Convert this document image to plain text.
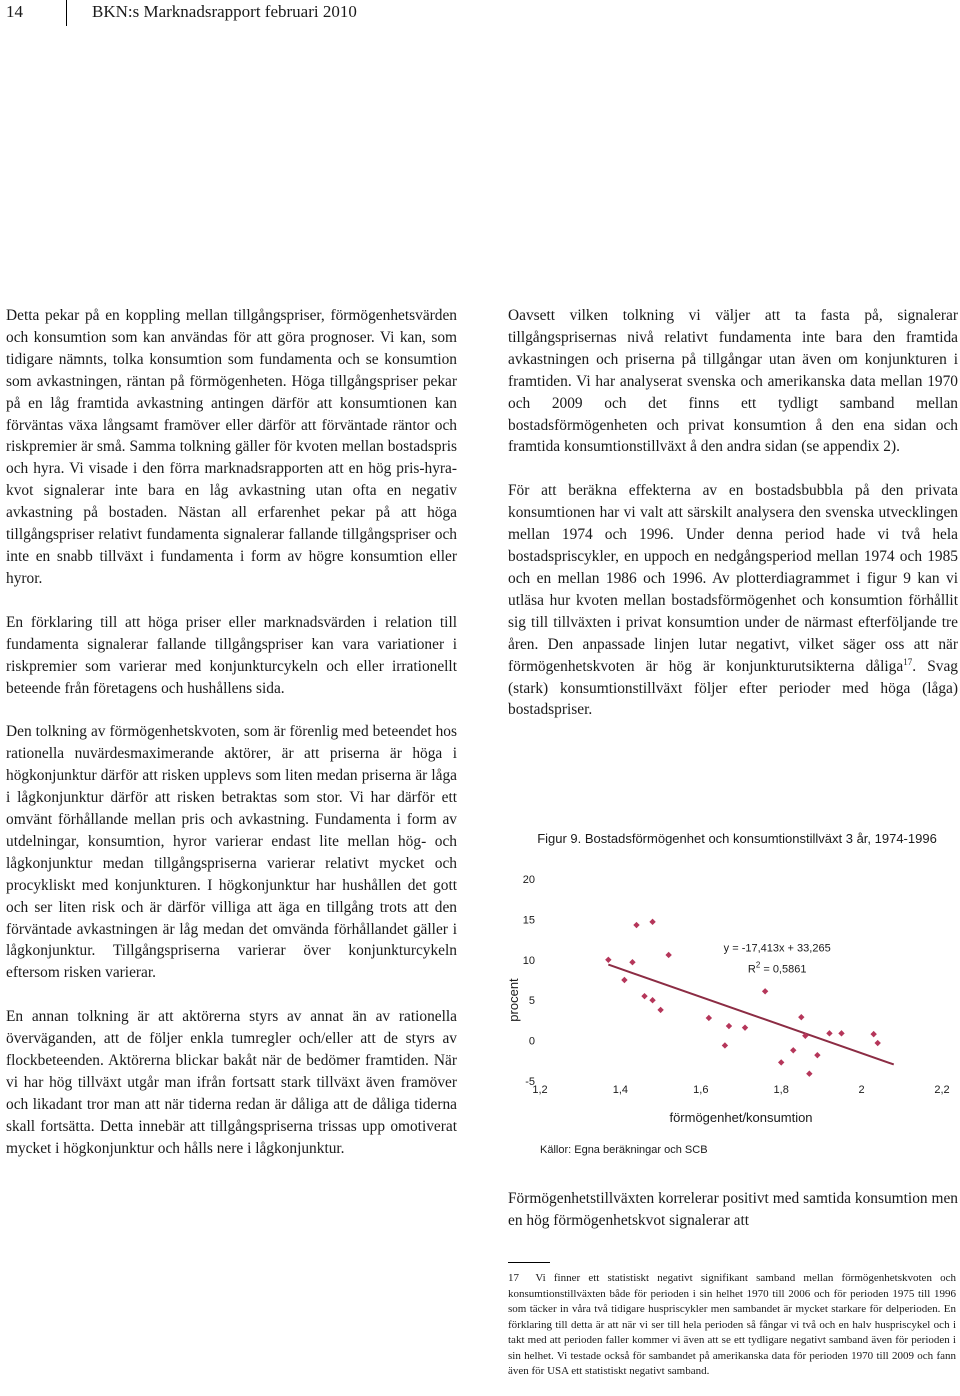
14	BKN:s Marknadsrapport februari 2010

Detta pekar på en koppling mellan tillgångspriser, förmögenhetsvärden och konsumtion som kan användas för att göra prognoser. Vi kan, som tidigare nämnts, tolka konsumtion som fundamenta och se konsumtion som avkastningen, räntan på förmögenheten. Höga tillgångspriser pekar på en låg framtida avkastning antingen därför att konsumtionen kan förväntas växa långsamt framöver eller därför att förväntade räntor och riskpremier är små. Samma tolkning gäller för kvoten mellan bostadspris och hyra. Vi visade i den förra marknadsrapporten att en hög pris-hyra-kvot signalerar inte bara en låg avkastning utan ofta en negativ avkastning på bostaden. Nästan all erfarenhet pekar på att höga tillgångspriser relativt fundamenta signalerar fallande tillgångspriser och inte en snabb tillväxt i fundamenta i form av högre konsumtion eller hyror.

En förklaring till att höga priser eller marknadsvärden i relation till fundamenta signalerar fallande tillgångspriser kan vara variationer i riskpremier som varierar med konjunkturcykeln och eller irrationellt beteende från företagens och hushållens sida.

Den tolkning av förmögenhetskvoten, som är förenlig med beteendet hos rationella nuvärdesmaximerande aktörer, är att priserna är höga i högkonjunktur därför att risken upplevs som liten medan priserna är låga i lågkonjunktur därför att risken betraktas som stor. Vi har därför ett omvänt förhållande mellan pris och avkastning. Fundamenta i form av utdelningar, konsumtion, hyror varierar endast lite mellan hög- och lågkonjunktur medan tillgångspriserna varierar relativt mycket och procykliskt med konjunkturen. I högkonjunktur har hushållen det gott och ser liten risk och är därför villiga att äga en tillgång trots att den förväntade avkastningen är låg medan det omvända förhållandet gäller i lågkonjunktur. Tillgångspriserna varierar över konjunkturcykeln eftersom risken varierar.

En annan tolkning är att aktörerna styrs av annat än av rationella överväganden, att de följer enkla tumregler och/eller att de styrs av flockbeteenden. Aktörerna blickar bakåt när de bedömer framtiden. När vi har hög tillväxt utgår man ifrån fortsatt stark tillväxt även framöver och likadant tror man att när tiderna redan är dåliga att de dåliga tiderna skall fortsätta. Detta innebär att tillgångspriserna trissas upp omotiverat mycket i högkonjunktur och hålls nere i lågkonjunktur.

Oavsett vilken tolkning vi väljer att ta fasta på, signalerar tillgångsprisernas nivå relativt fundamenta inte bara den framtida avkastningen och priserna på tillgångar utan även om konjunkturen i framtiden. Vi har analyserat svenska och amerikanska data mellan 1970 och 2009 och det finns ett tydligt samband mellan bostadsförmögenheten och privat konsumtion å den ena sidan och framtida konsumtionstillväxt å den andra sidan (se appendix 2).

För att beräkna effekterna av en bostadsbubbla på den privata konsumtionen har vi valt att särskilt analysera den svenska utvecklingen mellan 1974 och 1996. Under denna period hade vi två hela bostadspriscykler, en uppoch en nedgångsperiod mellan 1974 och 1985 och en mellan 1986 och 1996. Av plotterdiagrammet i figur 9 kan vi utläsa hur kvoten mellan bostadsförmögenhet och konsumtion förhållit sig till tillväxten i privat konsumtion under de närmast efterföljande tre åren. Den anpassade linjen lutar negativt, vilket säger oss att när förmögenhetskvoten är hög är konjunkturutsikterna dåliga$^{17}$. Svag (stark) konsumtionstillväxt följer efter perioder med höga (låga) bostadspriser.

Figur 9. Bostadsförmögenhet och konsumtionstillväxt 3 år, 1974-1996
20
15
10
5
0
-5
1,2	1,4	1,6	1,8	2	2,2
procent
förmögenhet/konsumtion
y = -17,413x + 33,265
$R^2 = 0,5861$
Källor: Egna beräkningar och SCB
Förmögenhetstillväxten korrelerar positivt med samtida konsumtion men en hög förmögenhetskvot signalerar att
17 Vi finner ett statistiskt negativt signifikant samband mellan förmögenhetskvoten och konsumtionstillväxten både för perioden i sin helhet 1970 till 2006 och för perioden 1975 till 1996 som täcker in våra två tidigare huspriscykler men sambandet är mycket starkare för delperioden. En förklaring till detta är att när vi ser till hela perioden så fångar vi två och en halv huspriscykel och i takt med att perioden faller kommer vi även att se ett tydligare negativt samband även för perioden i sin helhet. Vi testade också för sambandet på amerikanska data för perioden 1970 till 2009 och fann även för USA ett statistiskt negativt samband.
